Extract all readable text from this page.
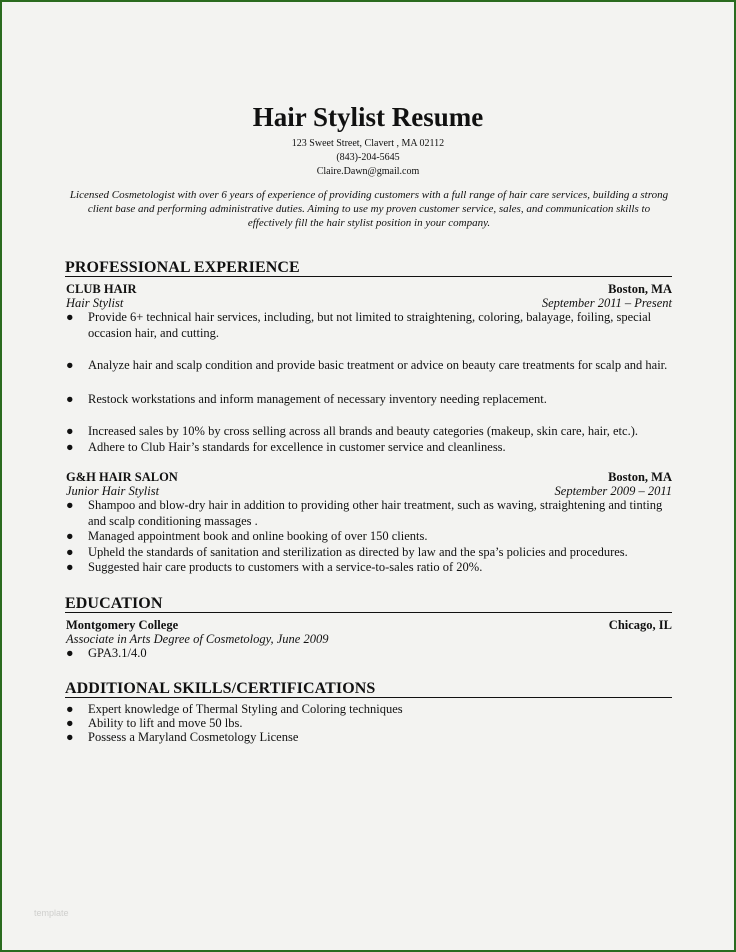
Hair Stylist Resume
123 Sweet Street, Clavert , MA 02112
(843)-204-5645
Claire.Dawn@gmail.com
Licensed Cosmetologist with over 6 years of experience of providing customers with a full range of hair care services, building a strong client base and performing administrative duties. Aiming to use my proven customer service, sales, and communication skills to effectively fill the hair stylist position in your company.
PROFESSIONAL EXPERIENCE
CLUB HAIR	Boston, MA
Hair Stylist	September 2011 – Present
● Provide 6+ technical hair services, including, but not limited to straightening, coloring, balayage, foiling, special occasion hair, and cutting.
● Analyze hair and scalp condition and provide basic treatment or advice on beauty care treatments for scalp and hair.
● Restock workstations and inform management of necessary inventory needing replacement.
● Increased sales by 10% by cross selling across all brands and beauty categories (makeup, skin care, hair, etc.).
● Adhere to Club Hair’s standards for excellence in customer service and cleanliness.
G&H HAIR SALON	Boston, MA
Junior Hair Stylist	September 2009 – 2011
● Shampoo and blow-dry hair in addition to providing other hair treatment, such as waving, straightening and tinting and scalp conditioning massages .
● Managed appointment book and online booking of over 150 clients.
● Upheld the standards of sanitation and sterilization as directed by law and the spa’s policies and procedures.
● Suggested hair care products to customers with a service-to-sales ratio of 20%.
EDUCATION
Montgomery College	Chicago, IL
Associate in Arts Degree of Cosmetology, June 2009
● GPA3.1/4.0
ADDITIONAL SKILLS/CERTIFICATIONS
● Expert knowledge of Thermal Styling and Coloring techniques
● Ability to lift and move 50 lbs.
● Possess a Maryland Cosmetology License
template
